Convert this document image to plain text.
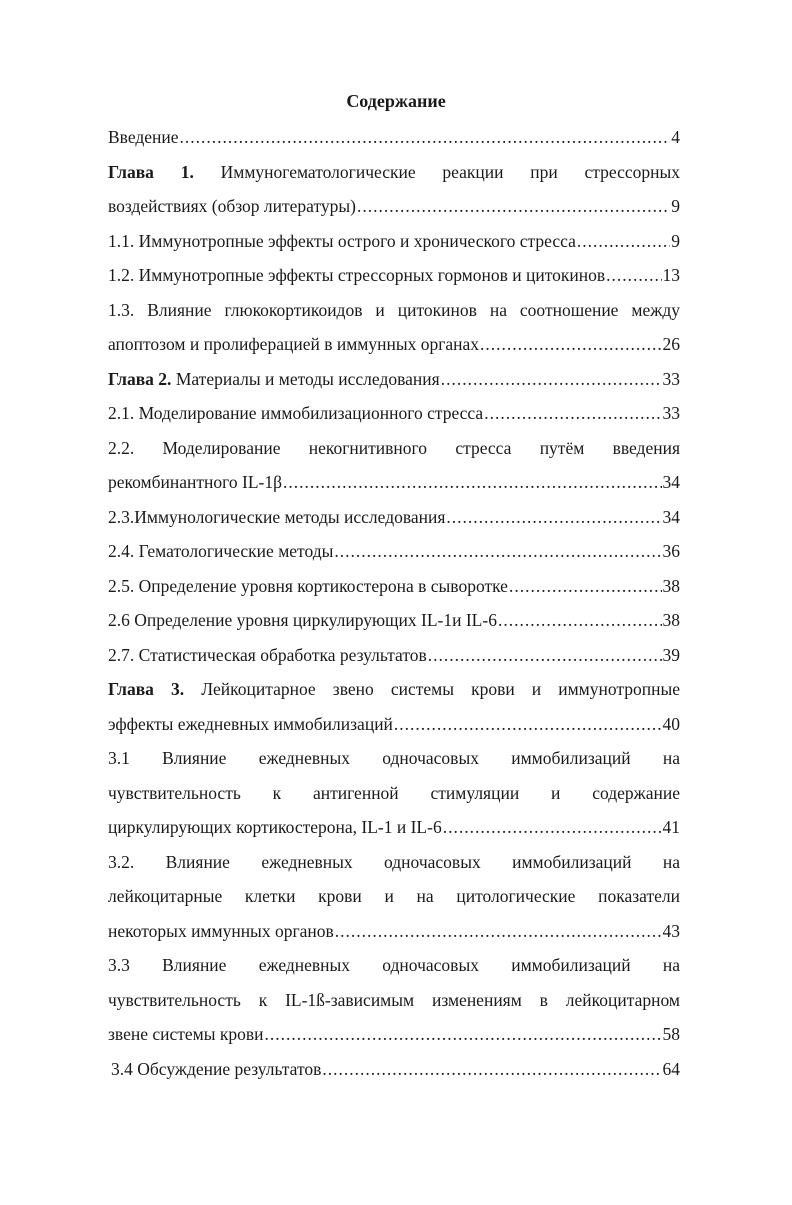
Содержание
Введение .....	4
Глава 1. Иммуногематологические реакции при стрессорных
воздействиях (обзор литературы) .....	9
1.1. Иммунотропные эффекты острого и хронического стресса .....	9
1.2. Иммунотропные эффекты стрессорных гормонов и цитокинов .....	13
1.3. Влияние глюкокортикоидов и цитокинов на соотношение между
апоптозом и пролиферацией в иммунных органах .....	26
Глава 2. Материалы и методы исследования .....	33
2.1. Моделирование иммобилизационного стресса .....	33
2.2. Моделирование некогнитивного стресса путём введения
рекомбинантного IL-1β .....	34
2.3.Иммунологические методы исследования .....	34
2.4. Гематологические методы .....	36
2.5. Определение уровня кортикостерона в сыворотке .....	38
2.6 Определение уровня циркулирующих IL-1и IL-6 .....	38
2.7. Статистическая обработка результатов .....	39
Глава 3. Лейкоцитарное звено системы крови и иммунотропные
эффекты ежедневных иммобилизаций .....	40
3.1 Влияние ежедневных одночасовых иммобилизаций на
чувствительность к антигенной стимуляции и содержание
циркулирующих кортикостерона, IL-1 и IL-6 .....	41
3.2. Влияние ежедневных одночасовых иммобилизаций на
лейкоцитарные клетки крови и на цитологические показатели
некоторых иммунных органов .....	43
3.3 Влияние ежедневных одночасовых иммобилизаций на
чувствительность к IL-1ß-зависимым изменениям в лейкоцитарном
звене системы крови .....	58
3.4 Обсуждение результатов .....	64
